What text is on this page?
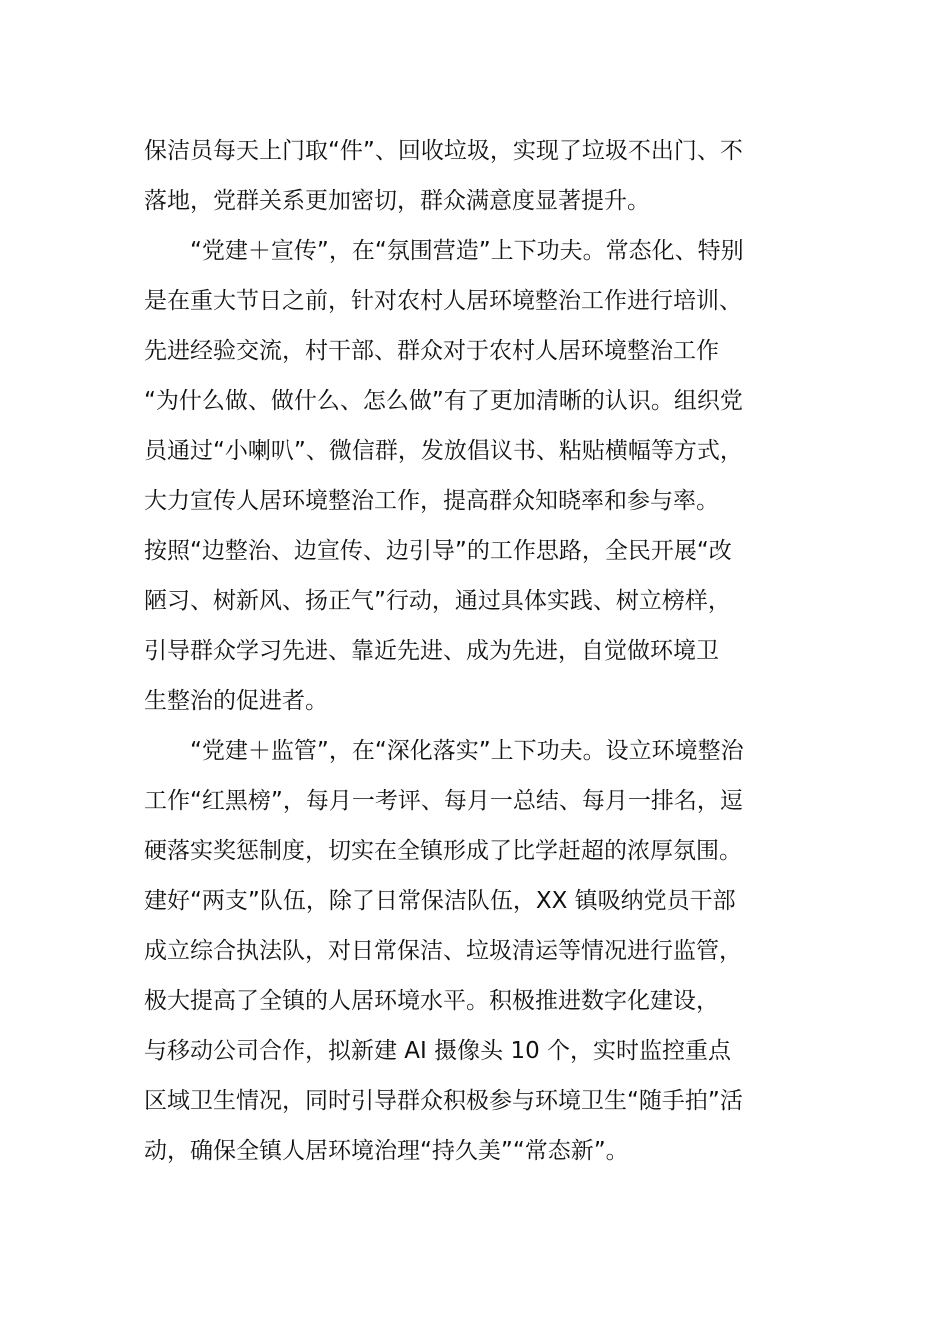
保洁员每天上门取“件”、回收垃圾，实现了垃圾不出门、不
落地，党群关系更加密切，群众满意度显著提升。
“党建＋宣传”，在“氛围营造”上下功夫。常态化、特别
是在重大节日之前，针对农村人居环境整治工作进行培训、
先进经验交流，村干部、群众对于农村人居环境整治工作
“为什么做、做什么、怎么做”有了更加清晰的认识。组织党
员通过“小喇叭”、微信群，发放倡议书、粘贴横幅等方式，
大力宣传人居环境整治工作，提高群众知晓率和参与率。
按照“边整治、边宣传、边引导”的工作思路，全民开展“改
陋习、树新风、扬正气”行动，通过具体实践、树立榜样，
引导群众学习先进、靠近先进、成为先进，自觉做环境卫
生整治的促进者。
“党建＋监管”，在“深化落实”上下功夫。设立环境整治
工作“红黑榜”，每月一考评、每月一总结、每月一排名，逗
硬落实奖惩制度，切实在全镇形成了比学赶超的浓厚氛围。
建好“两支”队伍，除了日常保洁队伍，XX 镇吸纳党员干部
成立综合执法队，对日常保洁、垃圾清运等情况进行监管，
极大提高了全镇的人居环境水平。积极推进数字化建设，
与移动公司合作，拟新建 AI 摄像头 10 个，实时监控重点
区域卫生情况，同时引导群众积极参与环境卫生“随手拍”活
动，确保全镇人居环境治理“持久美”“常态新”。
